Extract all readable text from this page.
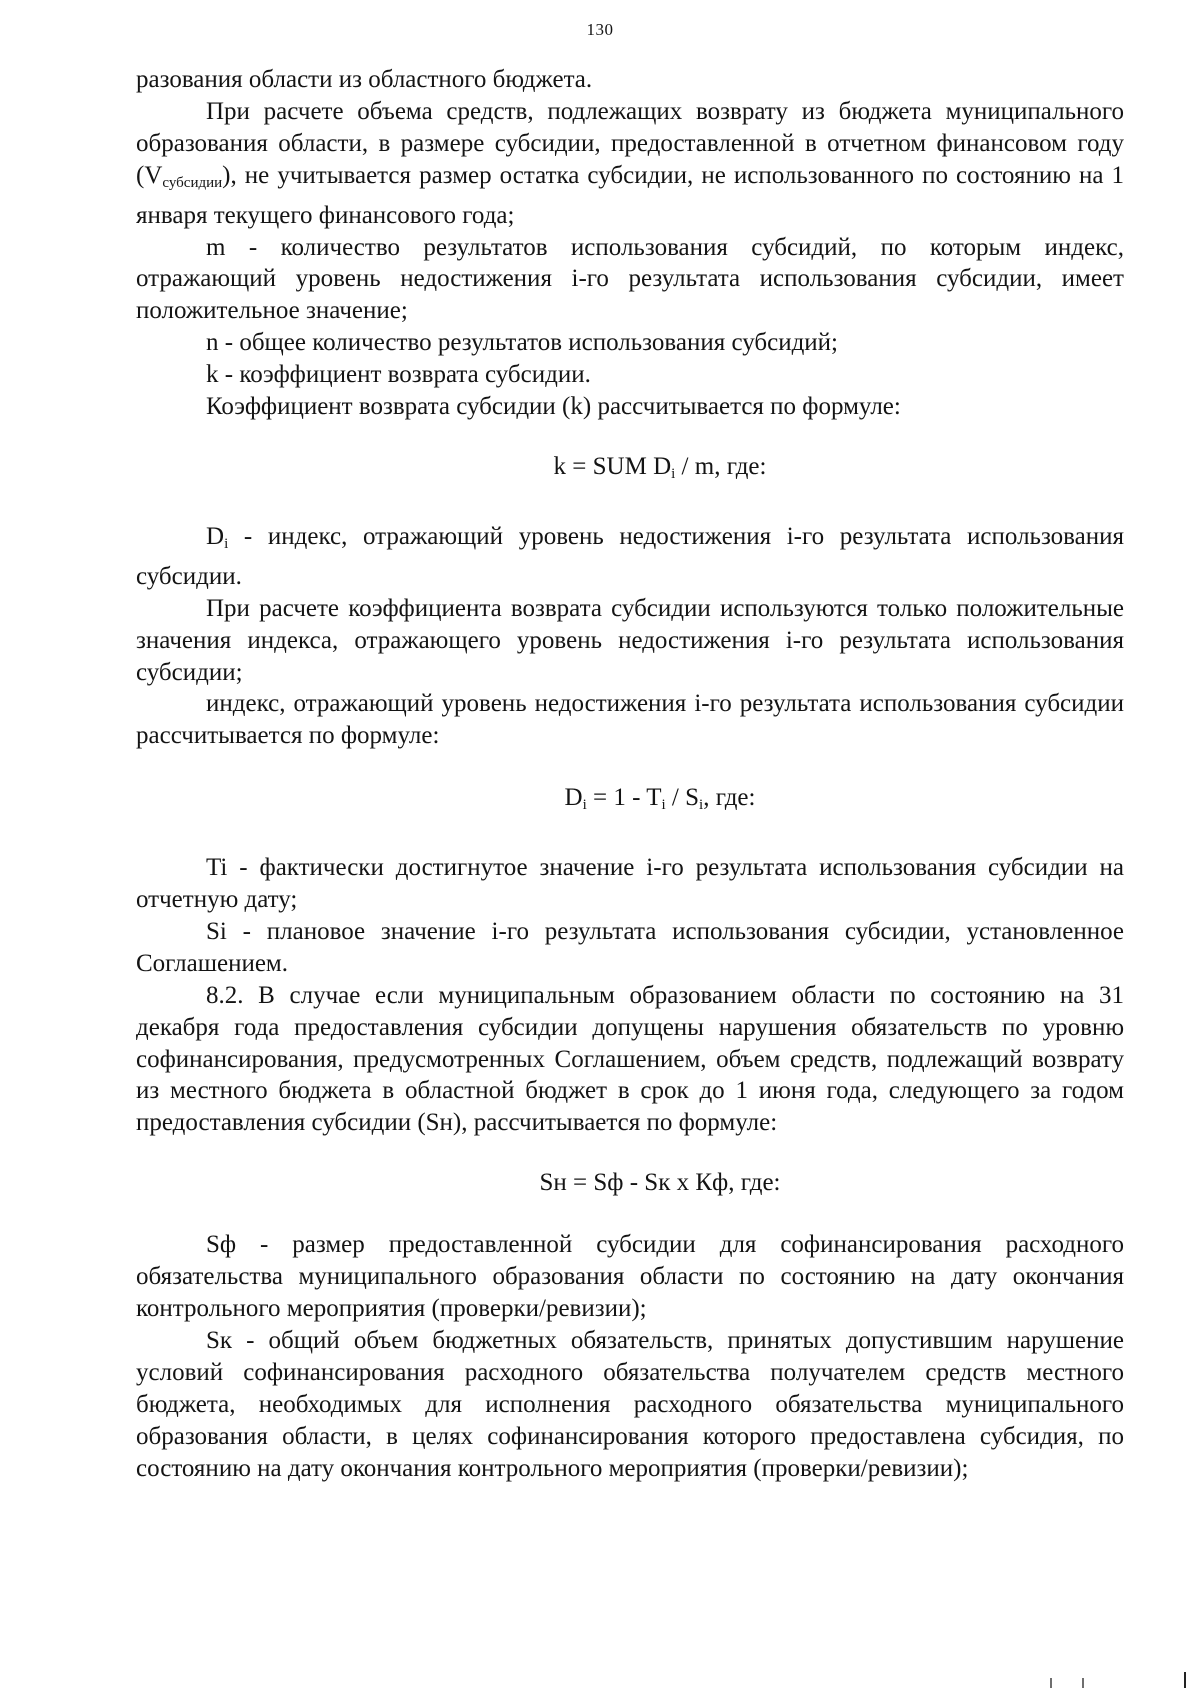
130

разования области из областного бюджета.

При расчете объема средств, подлежащих возврату из бюджета муниципального образования области, в размере субсидии, предоставленной в отчетном финансовом году $(V_{субсидии})$, не учитывается размер остатка субсидии, не использованного по состоянию на 1 января текущего финансового года;

m - количество результатов использования субсидий, по которым индекс, отражающий уровень недостижения i-го результата использования субсидии, имеет положительное значение;

n - общее количество результатов использования субсидий;

k - коэффициент возврата субсидии.

Коэффициент возврата субсидии (k) рассчитывается по формуле:

k = SUM $D_i$ / m, где:

$D_i$ - индекс, отражающий уровень недостижения i-го результата использования субсидии.

При расчете коэффициента возврата субсидии используются только положительные значения индекса, отражающего уровень недостижения i-го результата использования субсидии;

индекс, отражающий уровень недостижения i-го результата использования субсидии рассчитывается по формуле:

$D_i = 1 - T_i / S_i$, где:

Ti - фактически достигнутое значение i-го результата использования субсидии на отчетную дату;

Si - плановое значение i-го результата использования субсидии, установленное Соглашением.

8.2. В случае если муниципальным образованием области по состоянию на 31 декабря года предоставления субсидии допущены нарушения обязательств по уровню софинансирования, предусмотренных Соглашением, объем средств, подлежащий возврату из местного бюджета в областной бюджет в срок до 1 июня года, следующего за годом предоставления субсидии (Sн), рассчитывается по формуле:

Sн = Sф - Sк х Кф, где:

Sф - размер предоставленной субсидии для софинансирования расходного обязательства муниципального образования области по состоянию на дату окончания контрольного мероприятия (проверки/ревизии);

Sк - общий объем бюджетных обязательств, принятых допустившим нарушение условий софинансирования расходного обязательства получателем средств местного бюджета, необходимых для исполнения расходного обязательства муниципального образования области, в целях софинансирования которого предоставлена субсидия, по состоянию на дату окончания контрольного мероприятия (проверки/ревизии);
